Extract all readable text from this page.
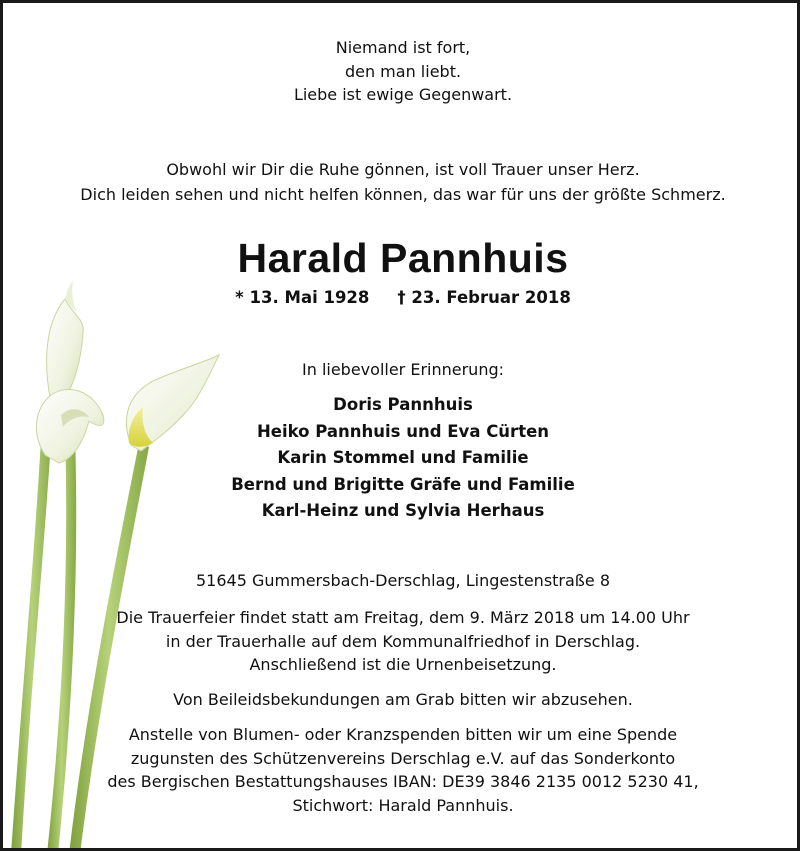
Niemand ist fort,
den man liebt.
Liebe ist ewige Gegenwart.
Obwohl wir Dir die Ruhe gönnen, ist voll Trauer unser Herz.
Dich leiden sehen und nicht helfen können, das war für uns der größte Schmerz.
Harald Pannhuis
* 13. Mai 1928 † 23. Februar 2018
In liebevoller Erinnerung:
Doris Pannhuis
Heiko Pannhuis und Eva Cürten
Karin Stommel und Familie
Bernd und Brigitte Gräfe und Familie
Karl-Heinz und Sylvia Herhaus
51645 Gummersbach-Derschlag, Lingestenstraße 8
Die Trauerfeier findet statt am Freitag, dem 9. März 2018 um 14.00 Uhr
in der Trauerhalle auf dem Kommunalfriedhof in Derschlag.
Anschließend ist die Urnenbeisetzung.
Von Beileidsbekundungen am Grab bitten wir abzusehen.
Anstelle von Blumen- oder Kranzspenden bitten wir um eine Spende
zugunsten des Schützenvereins Derschlag e.V. auf das Sonderkonto
des Bergischen Bestattungshauses IBAN: DE39 3846 2135 0012 5230 41,
Stichwort: Harald Pannhuis.
